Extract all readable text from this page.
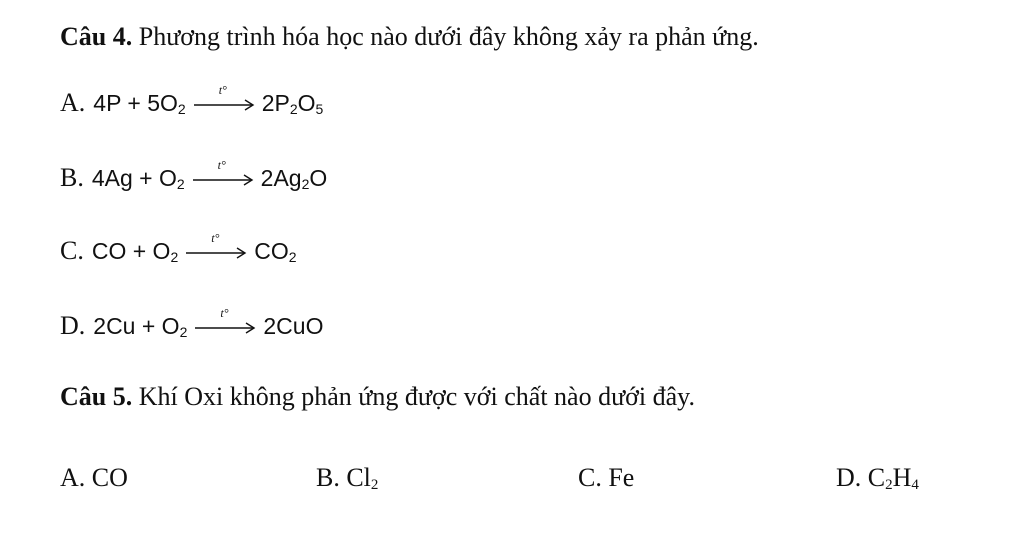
Câu 4. Phương trình hóa học nào dưới đây không xảy ra phản ứng.
A. $4P + 5O_2$
t° $2P_2O_5$
B. $4Ag + O_2$
t° $2Ag_2O$
C. CO + $O_2$
t° $CO_2$
D. $2Cu + O_2$
t° 2CuO
Câu 5. Khí Oxi không phản ứng được với chất nào dưới đây.
A. CO	B. $Cl_2$	C. Fe	D. $C_2H_4$
